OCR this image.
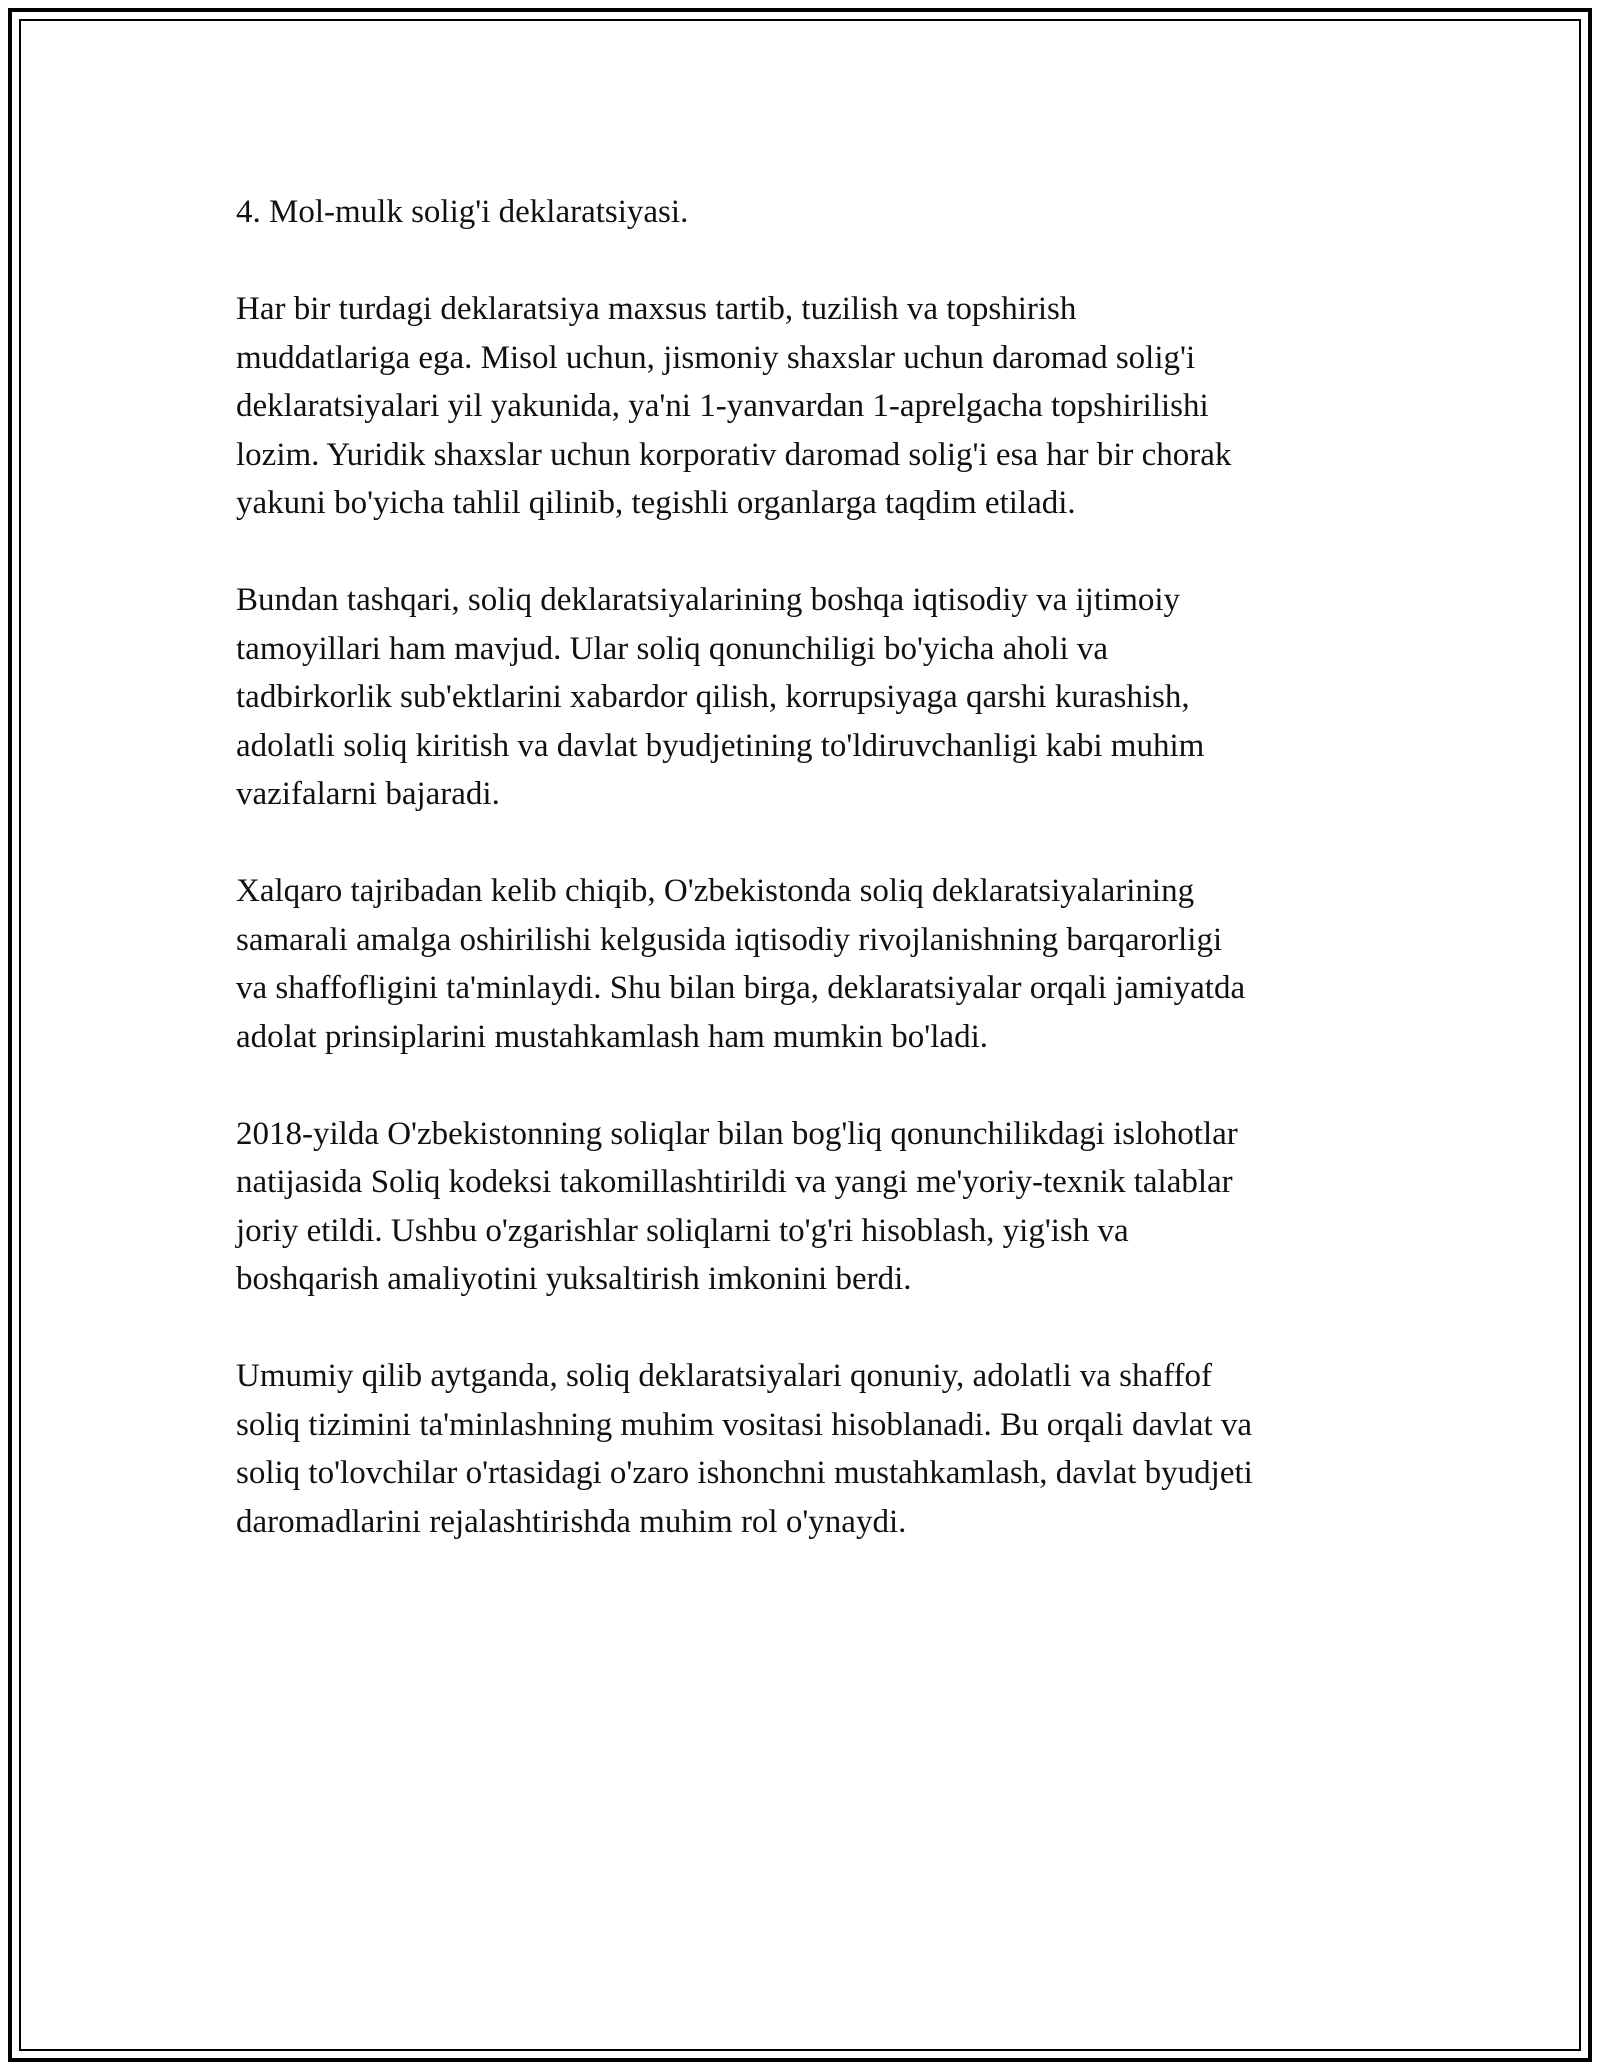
4. Mol-mulk solig'i deklaratsiyasi.

Har bir turdagi deklaratsiya maxsus tartib, tuzilish va topshirish
muddatlariga ega. Misol uchun, jismoniy shaxslar uchun daromad solig'i
deklaratsiyalari yil yakunida, ya'ni 1-yanvardan 1-aprelgacha topshirilishi
lozim. Yuridik shaxslar uchun korporativ daromad solig'i esa har bir chorak
yakuni bo'yicha tahlil qilinib, tegishli organlarga taqdim etiladi.

Bundan tashqari, soliq deklaratsiyalarining boshqa iqtisodiy va ijtimoiy
tamoyillari ham mavjud. Ular soliq qonunchiligi bo'yicha aholi va
tadbirkorlik sub'ektlarini xabardor qilish, korrupsiyaga qarshi kurashish,
adolatli soliq kiritish va davlat byudjetining to'ldiruvchanligi kabi muhim
vazifalarni bajaradi.

Xalqaro tajribadan kelib chiqib, O'zbekistonda soliq deklaratsiyalarining
samarali amalga oshirilishi kelgusida iqtisodiy rivojlanishning barqarorligi
va shaffofligini ta'minlaydi. Shu bilan birga, deklaratsiyalar orqali jamiyatda
adolat prinsiplarini mustahkamlash ham mumkin bo'ladi.

2018-yilda O'zbekistonning soliqlar bilan bog'liq qonunchilikdagi islohotlar
natijasida Soliq kodeksi takomillashtirildi va yangi me'yoriy-texnik talablar
joriy etildi. Ushbu o'zgarishlar soliqlarni to'g'ri hisoblash, yig'ish va
boshqarish amaliyotini yuksaltirish imkonini berdi.

Umumiy qilib aytganda, soliq deklaratsiyalari qonuniy, adolatli va shaffof
soliq tizimini ta'minlashning muhim vositasi hisoblanadi. Bu orqali davlat va
soliq to'lovchilar o'rtasidagi o'zaro ishonchni mustahkamlash, davlat byudjeti
daromadlarini rejalashtirishda muhim rol o'ynaydi.
